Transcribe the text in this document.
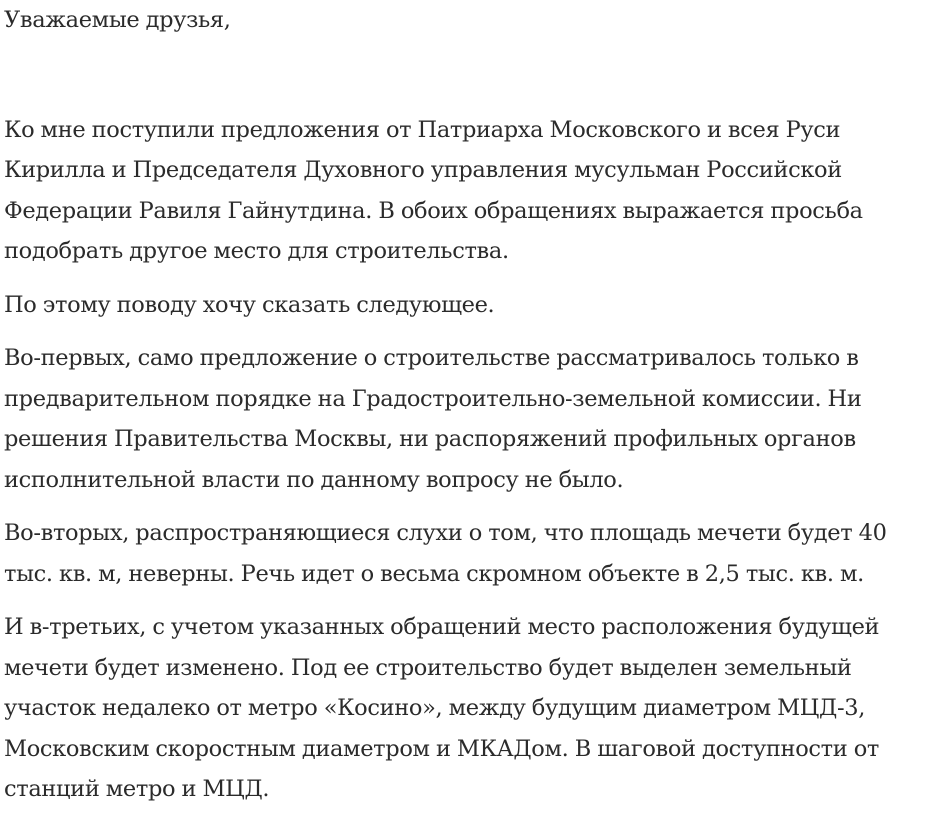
Уважаемые друзья,

Ко мне поступили предложения от Патриарха Московского и всея Руси
Кирилла и Председателя Духовного управления мусульман Российской
Федерации Равиля Гайнутдина. В обоих обращениях выражается просьба
подобрать другое место для строительства.

По этому поводу хочу сказать следующее.

Во-первых, само предложение о строительстве рассматривалось только в
предварительном порядке на Градостроительно-земельной комиссии. Ни
решения Правительства Москвы, ни распоряжений профильных органов
исполнительной власти по данному вопросу не было.

Во-вторых, распространяющиеся слухи о том, что площадь мечети будет 40
тыс. кв. м, неверны. Речь идет о весьма скромном объекте в 2,5 тыс. кв. м.

И в-третьих, с учетом указанных обращений место расположения будущей
мечети будет изменено. Под ее строительство будет выделен земельный
участок недалеко от метро «Косино», между будущим диаметром МЦД-3,
Московским скоростным диаметром и МКАДом. В шаговой доступности от
станций метро и МЦД.
